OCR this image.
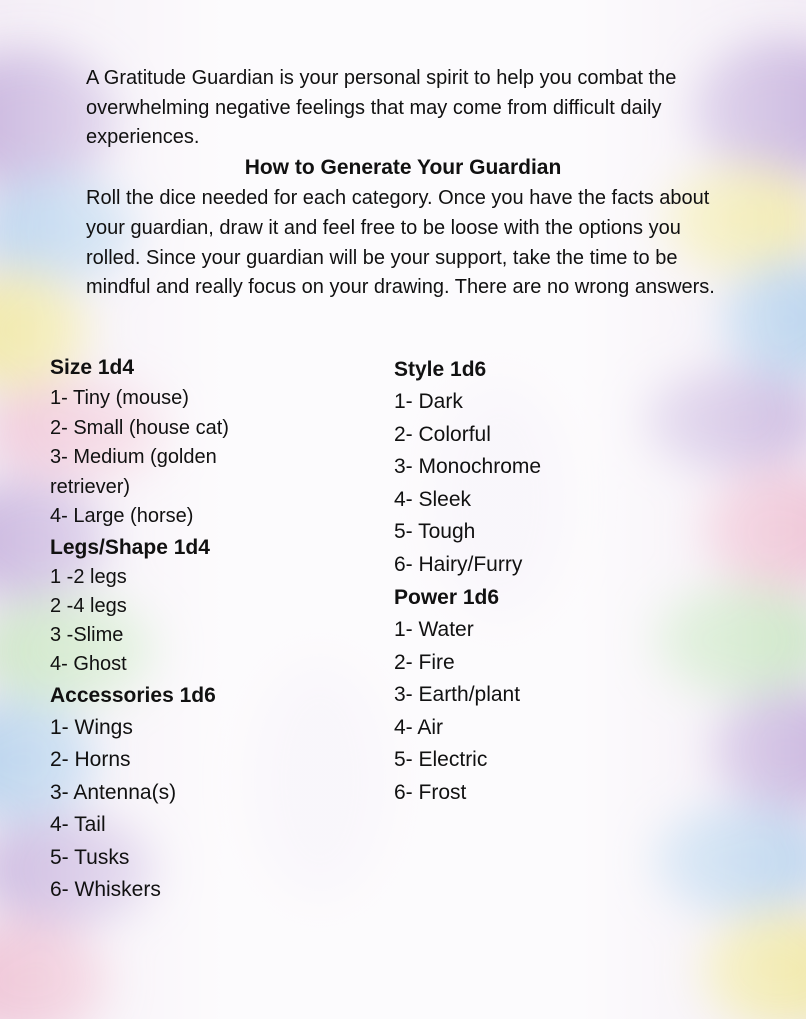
A Gratitude Guardian is your personal spirit to help you combat the overwhelming negative feelings that may come from difficult daily experiences.

How to Generate Your Guardian

Roll the dice needed for each category. Once you have the facts about your guardian, draw it and feel free to be loose with the options you rolled. Since your guardian will be your support, take the time to be mindful and really focus on your drawing. There are no wrong answers.

Size 1d4
1- Tiny (mouse)
2- Small (house cat)
3- Medium (golden retriever)
4- Large (horse)
Legs/Shape 1d4
1 -2 legs
2 -4 legs
3 -Slime
4- Ghost
Accessories 1d6
1- Wings
2- Horns
3- Antenna(s)
4- Tail
5- Tusks
6- Whiskers
Style 1d6
1- Dark
2- Colorful
3- Monochrome
4- Sleek
5- Tough
6- Hairy/Furry
Power 1d6
1- Water
2- Fire
3- Earth/plant
4- Air
5- Electric
6- Frost
